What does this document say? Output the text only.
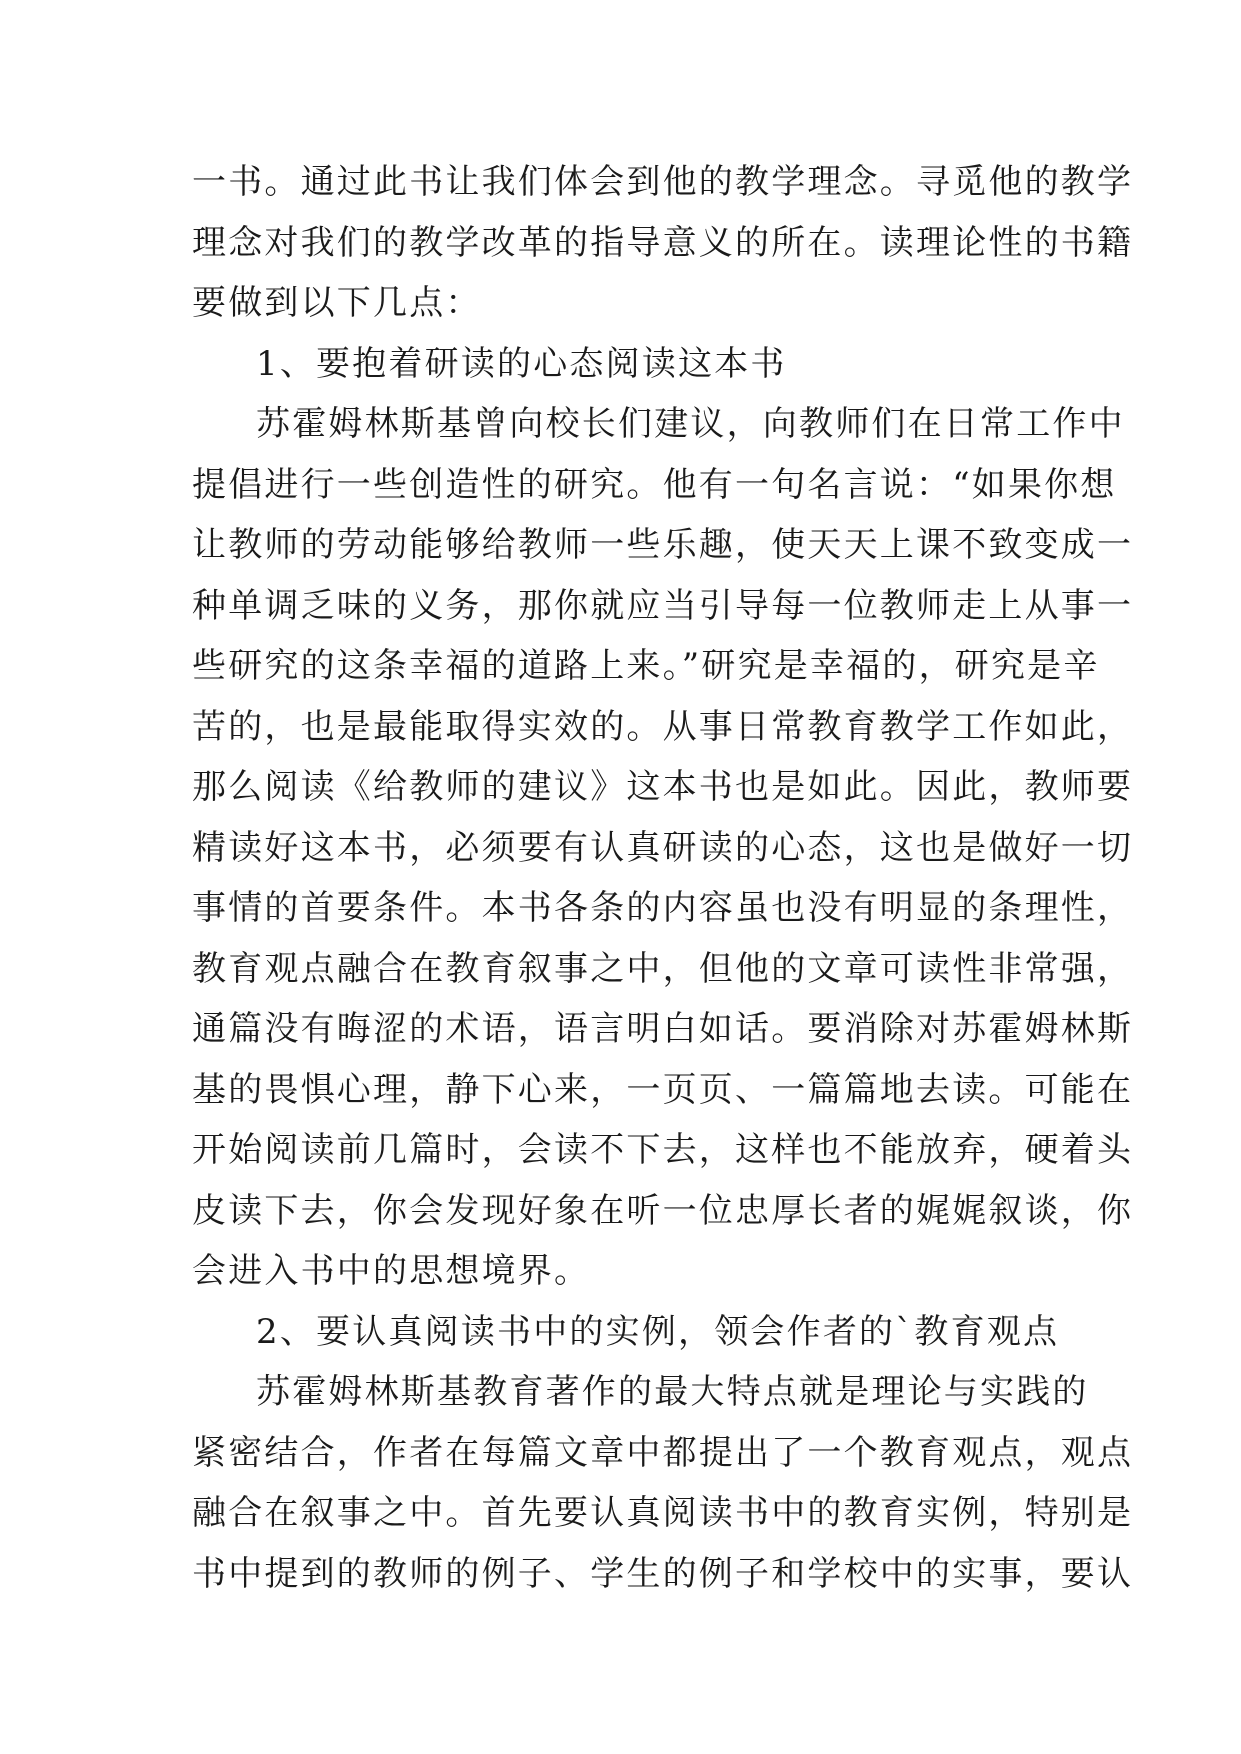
一书。通过此书让我们体会到他的教学理念。寻觅他的教学
理念对我们的教学改革的指导意义的所在。读理论性的书籍
要做到以下几点：
1、要抱着研读的心态阅读这本书
苏霍姆林斯基曾向校长们建议，向教师们在日常工作中
提倡进行一些创造性的研究。他有一句名言说：“如果你想
让教师的劳动能够给教师一些乐趣，使天天上课不致变成一
种单调乏味的义务，那你就应当引导每一位教师走上从事一
些研究的这条幸福的道路上来。”研究是幸福的，研究是辛
苦的，也是最能取得实效的。从事日常教育教学工作如此，
那么阅读《给教师的建议》这本书也是如此。因此，教师要
精读好这本书，必须要有认真研读的心态，这也是做好一切
事情的首要条件。本书各条的内容虽也没有明显的条理性，
教育观点融合在教育叙事之中，但他的文章可读性非常强，
通篇没有晦涩的术语，语言明白如话。要消除对苏霍姆林斯
基的畏惧心理，静下心来，一页页、一篇篇地去读。可能在
开始阅读前几篇时，会读不下去，这样也不能放弃，硬着头
皮读下去，你会发现好象在听一位忠厚长者的娓娓叙谈，你
会进入书中的思想境界。
2、要认真阅读书中的实例，领会作者的`教育观点
苏霍姆林斯基教育著作的最大特点就是理论与实践的
紧密结合，作者在每篇文章中都提出了一个教育观点，观点
融合在叙事之中。首先要认真阅读书中的教育实例，特别是
书中提到的教师的例子、学生的例子和学校中的实事，要认
